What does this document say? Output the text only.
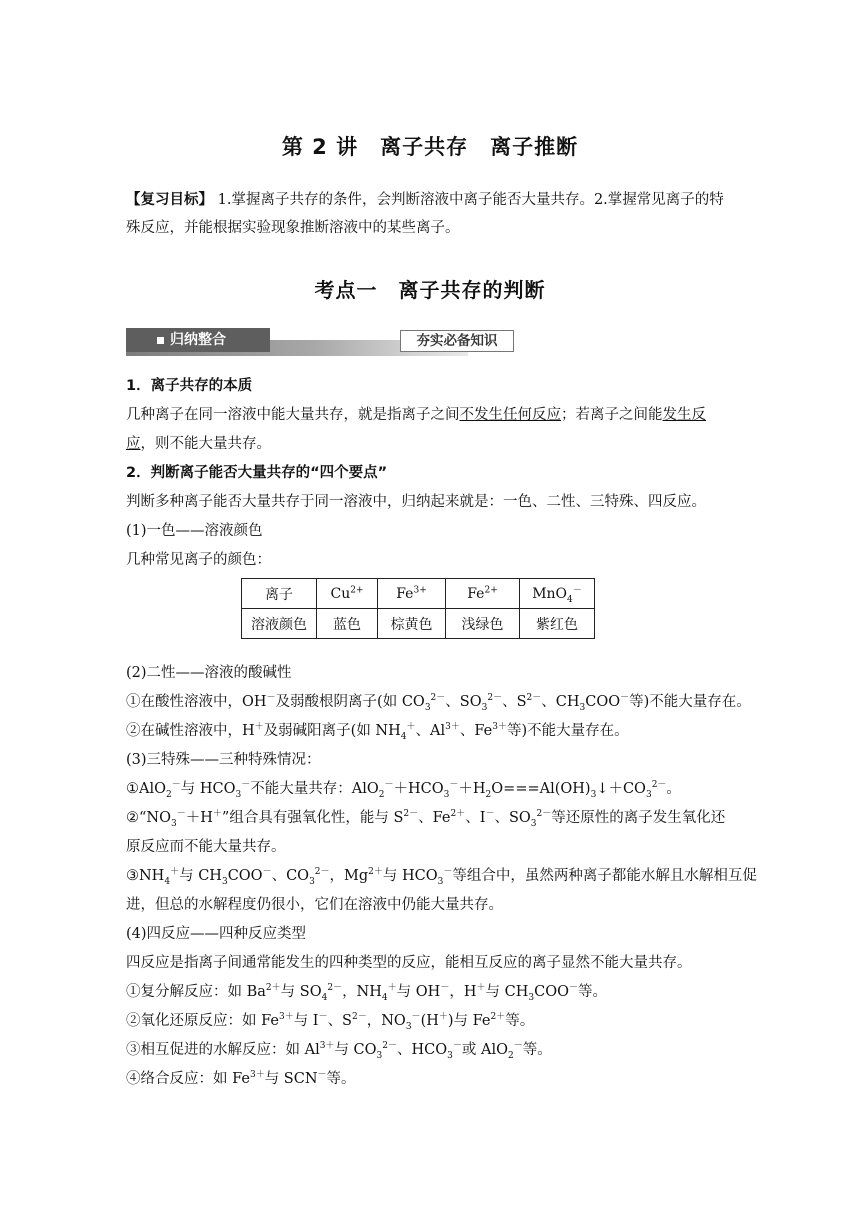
第 2 讲　离子共存　离子推断
【复习目标】 1.掌握离子共存的条件，会判断溶液中离子能否大量共存。2.掌握常见离子的特殊反应，并能根据实验现象推断溶液中的某些离子。
考点一　离子共存的判断
归纳整合	夯实必备知识
1．离子共存的本质
几种离子在同一溶液中能大量共存，就是指离子之间不发生任何反应；若离子之间能发生反
应，则不能大量共存。
2．判断离子能否大量共存的“四个要点”
判断多种离子能否大量共存于同一溶液中，归纳起来就是：一色、二性、三特殊、四反应。
(1)一色——溶液颜色
几种常见离子的颜色：
离子	$Cu^{2+}$	$Fe^{3+}$	$Fe^{2+}$	MnO$_4$－
溶液颜色	蓝色	棕黄色	浅绿色	紫红色
(2)二性——溶液的酸碱性
①在酸性溶液中，OH－及弱酸根阴离子(如 $CO_3^{2-}$、$SO_3^{2-}$、$S^{2-}$、$CH_3COO^-$等)不能大量存在。
②在碱性溶液中，H＋及弱碱阳离子(如 $NH_4^+$、$Al^{3+}$、$Fe^{3+}$等)不能大量存在。
(3)三特殊——三种特殊情况：
①AlO$_2$－与 $HCO_3^-$不能大量共存：$AlO_2^-+HCO_3^-+H_2O===Al(OH)_3↓+CO_3^{2-}$。
$②“NO_3^-+H^+$”组合具有强氧化性，能与 $S^{2-}$、$Fe^{2+}$、I－、$SO_3^{2-}$等还原性的离子发生氧化还
原反应而不能大量共存。
$③NH_4^+$与 $CH_3COO^-$、$CO_3^{2-}$，$Mg^{2+}$与 $HCO_3^-$等组合中，虽然两种离子都能水解且水解相互促
进，但总的水解程度仍很小，它们在溶液中仍能大量共存。
(4)四反应——四种反应类型
四反应是指离子间通常能发生的四种类型的反应，能相互反应的离子显然不能大量共存。
①复分解反应：如 $Ba^{2+}$与 $SO_4^{2-}$，$NH_4^+$与 OH－，H＋与 $CH_3COO^-$等。
②氧化还原反应：如 $Fe^{3+}$与 I－、$S^{2-}$，$NO_3^-(H^+)$与 $Fe^{2+}$等。
③相互促进的水解反应：如 $Al^{3+}$与 $CO_3^{2-}$、$HCO_3^-$或 AlO$_2$－等。
④络合反应：如 $Fe^{3+}$与 SCN－等。
